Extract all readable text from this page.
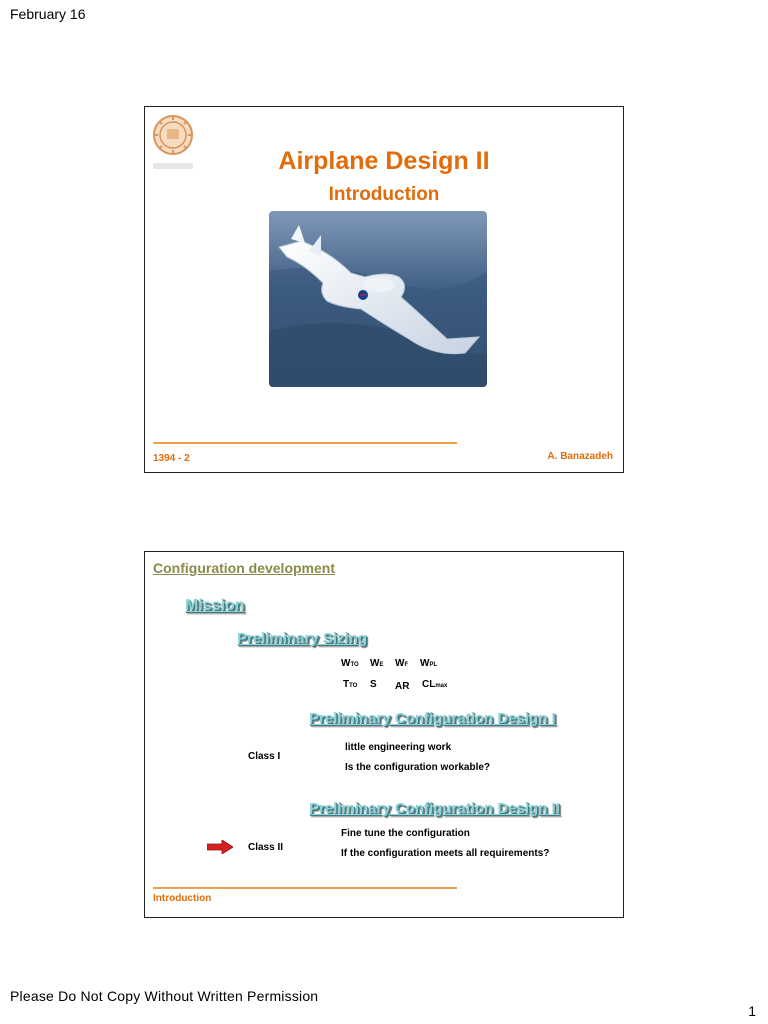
February 16
Airplane Design II
Introduction
1394 - 2	A. Banazadeh
Configuration development
Mission
Preliminary Sizing
WTO WE WF WPL
TTO S AR CLmax
Preliminary Configuration Design I
Class I
little engineering work
Is the configuration workable?
Preliminary Configuration Design II
Class II
Fine tune the configuration
If the configuration meets all requirements?
Introduction
Please Do Not Copy Without Written Permission
1
